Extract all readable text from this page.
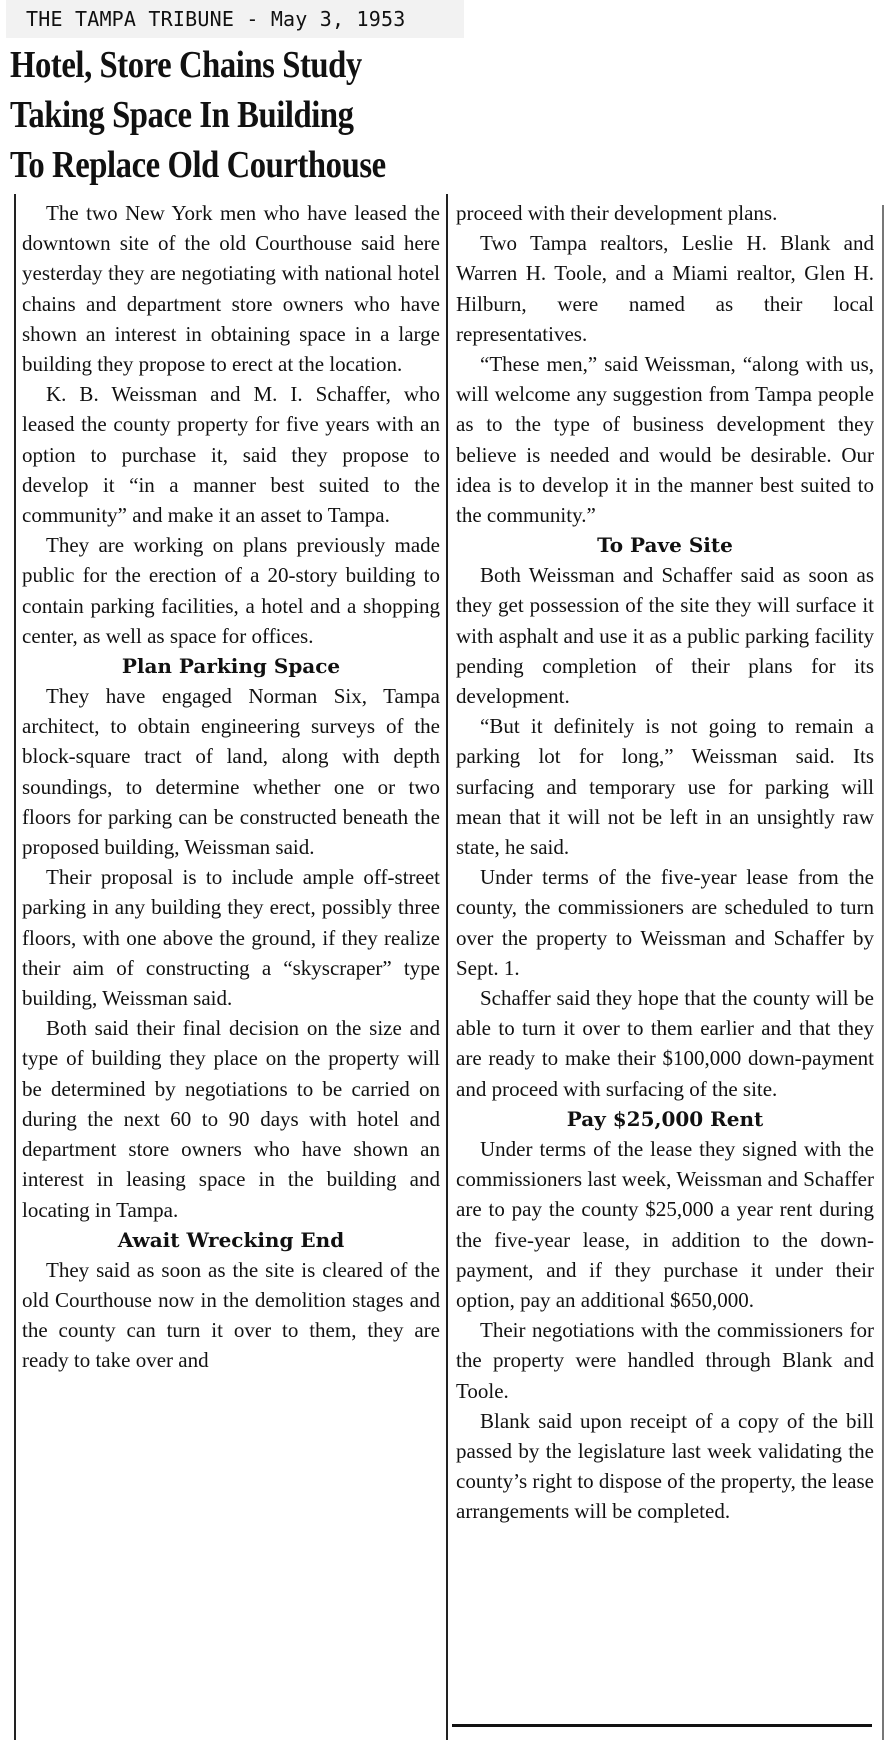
THE TAMPA TRIBUNE - May 3, 1953
Hotel, Store Chains Study
Taking Space In Building
To Replace Old Courthouse

The two New York men who have leased the downtown site of the old Courthouse said here yesterday they are negotiating with national hotel chains and department store owners who have shown an interest in obtaining space in a large building they propose to erect at the location.

K. B. Weissman and M. I. Schaffer, who leased the county property for five years with an option to purchase it, said they propose to develop it “in a manner best suited to the community” and make it an asset to Tampa.

They are working on plans previously made public for the erection of a 20-story building to contain parking facilities, a hotel and a shopping center, as well as space for offices.

Plan Parking Space

They have engaged Norman Six, Tampa architect, to obtain engineering surveys of the block-square tract of land, along with depth soundings, to determine whether one or two floors for parking can be constructed beneath the proposed building, Weissman said.

Their proposal is to include ample off-street parking in any building they erect, possibly three floors, with one above the ground, if they realize their aim of constructing a “skyscraper” type building, Weissman said.

Both said their final decision on the size and type of building they place on the property will be determined by negotiations to be carried on during the next 60 to 90 days with hotel and department store owners who have shown an interest in leasing space in the building and locating in Tampa.

Await Wrecking End

They said as soon as the site is cleared of the old Courthouse now in the demolition stages and the county can turn it over to them, they are ready to take over and

proceed with their development plans.

Two Tampa realtors, Leslie H. Blank and Warren H. Toole, and a Miami realtor, Glen H. Hilburn, were named as their local representatives.

“These men,” said Weissman, “along with us, will welcome any suggestion from Tampa people as to the type of business development they believe is needed and would be desirable. Our idea is to develop it in the manner best suited to the community.”

To Pave Site

Both Weissman and Schaffer said as soon as they get possession of the site they will surface it with asphalt and use it as a public parking facility pending completion of their plans for its development.

“But it definitely is not going to remain a parking lot for long,” Weissman said. Its surfacing and temporary use for parking will mean that it will not be left in an unsightly raw state, he said.

Under terms of the five-year lease from the county, the commissioners are scheduled to turn over the property to Weissman and Schaffer by Sept. 1.

Schaffer said they hope that the county will be able to turn it over to them earlier and that they are ready to make their $100,000 down-payment and proceed with surfacing of the site.

Pay $25,000 Rent

Under terms of the lease they signed with the commissioners last week, Weissman and Schaffer are to pay the county $25,000 a year rent during the five-year lease, in addition to the down-payment, and if they purchase it under their option, pay an additional $650,000.

Their negotiations with the commissioners for the property were handled through Blank and Toole.

Blank said upon receipt of a copy of the bill passed by the legislature last week validating the county’s right to dispose of the property, the lease arrangements will be completed.
